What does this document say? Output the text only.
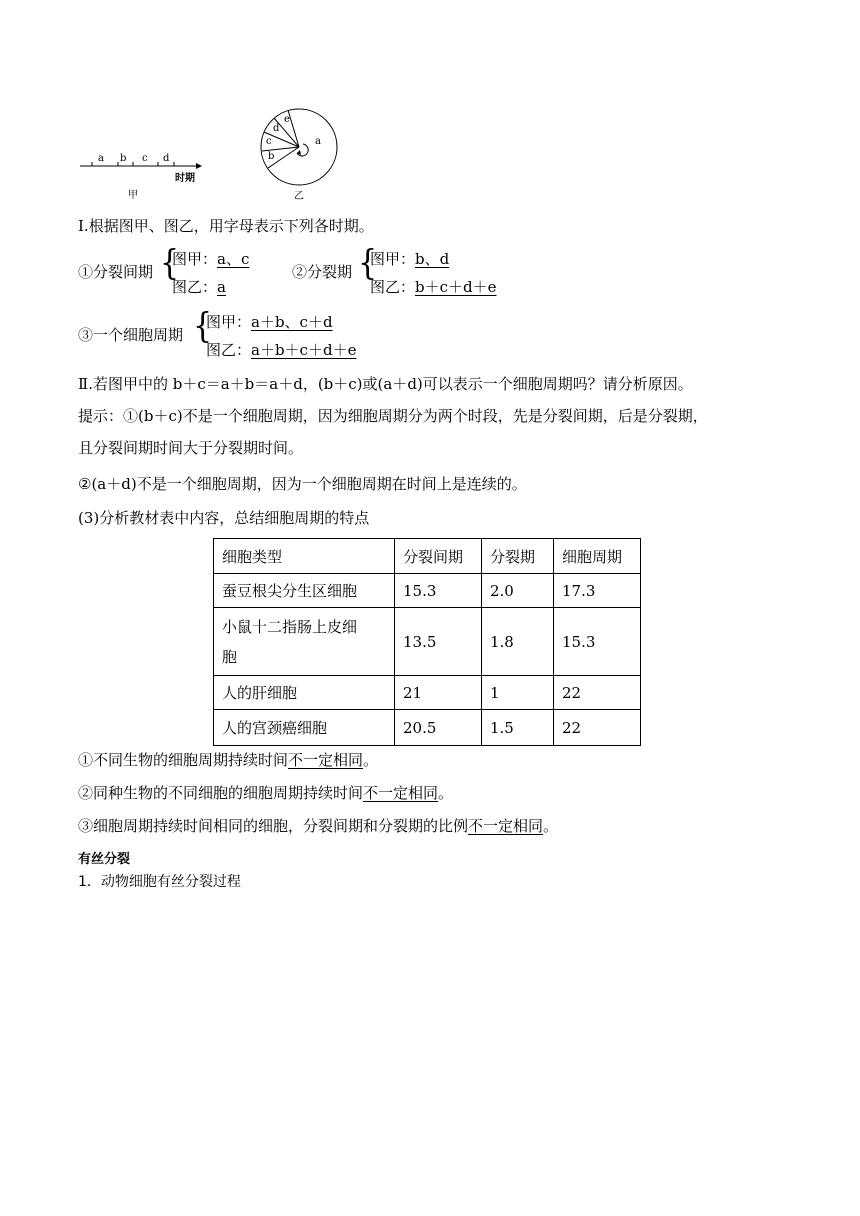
a b c d
时期
甲
a
b
c
d
e
乙
Ⅰ.根据图甲、图乙，用字母表示下列各时期。
①分裂间期 {
图甲：a、c
图乙：a
②分裂期 {
图甲：b、d
图乙：b＋c＋d＋e
③一个细胞周期 {
图甲：a＋b、c＋d
图乙：a＋b＋c＋d＋e
Ⅱ.若图甲中的 b＋c＝a＋b＝a＋d，(b＋c)或(a＋d)可以表示一个细胞周期吗？请分析原因。
提示：①(b＋c)不是一个细胞周期，因为细胞周期分为两个时段，先是分裂间期，后是分裂期，
且分裂间期时间大于分裂期时间。
②(a＋d)不是一个细胞周期，因为一个细胞周期在时间上是连续的。
(3)分析教材表中内容，总结细胞周期的特点
细胞类型	分裂间期	分裂期	细胞周期
蚕豆根尖分生区细胞	15.3	2.0	17.3
小鼠十二指肠上皮细
胞	13.5	1.8	15.3
人的肝细胞	21	1	22
人的宫颈癌细胞	20.5	1.5	22
①不同生物的细胞周期持续时间不一定相同。
②同种生物的不同细胞的细胞周期持续时间不一定相同。
③细胞周期持续时间相同的细胞，分裂间期和分裂期的比例不一定相同。
有丝分裂
1．动物细胞有丝分裂过程
